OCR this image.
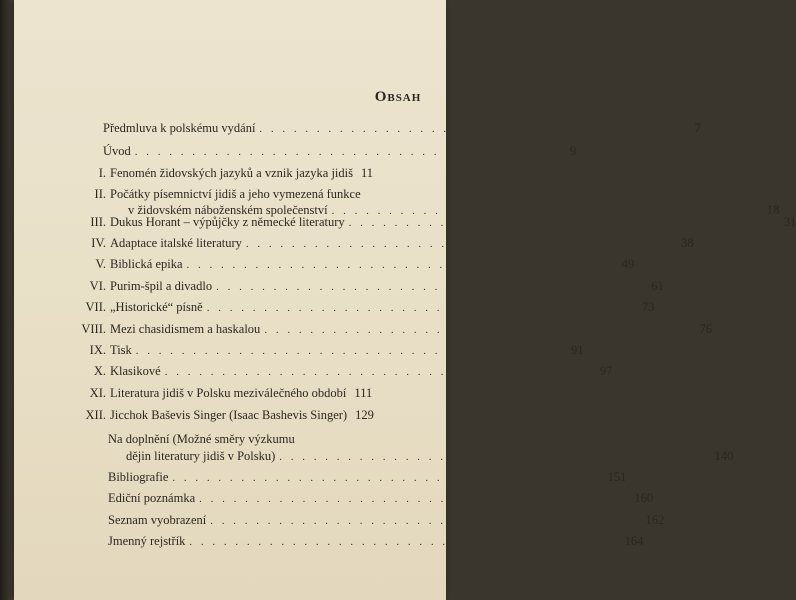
Obsah
Předmluva k polskému vydání . . . . . . . . . . . . . . . . . . . . . . . . . . . . . . . . . . . . . . 7
Úvod . . . . . . . . . . . . . . . . . . . . . . . . . . . . . . . . . . . . . . 9
I. Fenomén židovských jazyků a vznik jazyka jidiš 11
II. Počátky písemnictví jidiš a jeho vymezená funkce
v židovském náboženském společenství . . . . . . . . . . . . . . . . . . . . . . . . . . . . . . . . . . . . . . 18
III. Dukus Horant – výpůjčky z německé literatury . . . . . . . . . . . . . . . . . . . . . . . . . . . . . . . . . . . . . . 31
IV. Adaptace italské literatury . . . . . . . . . . . . . . . . . . . . . . . . . . . . . . . . . . . . . . 38
V. Biblická epika . . . . . . . . . . . . . . . . . . . . . . . . . . . . . . . . . . . . . . 49
VI. Purim-špil a divadlo . . . . . . . . . . . . . . . . . . . . . . . . . . . . . . . . . . . . . . 61
VII. „Historické“ písně . . . . . . . . . . . . . . . . . . . . . . . . . . . . . . . . . . . . . . 73
VIII. Mezi chasidismem a haskalou . . . . . . . . . . . . . . . . . . . . . . . . . . . . . . . . . . . . . . 76
IX. Tisk . . . . . . . . . . . . . . . . . . . . . . . . . . . . . . . . . . . . . . 91
X. Klasikové . . . . . . . . . . . . . . . . . . . . . . . . . . . . . . . . . . . . . . 97
XI. Literatura jidiš v Polsku meziválečného období 111
XII. Jicchok Baševis Singer (Isaac Bashevis Singer) 129
Na doplnění (Možné směry výzkumu
dějin literatury jidiš v Polsku) . . . . . . . . . . . . . . . . . . . . . . . . . . . . . . . . . . . . . . 140
Bibliografie . . . . . . . . . . . . . . . . . . . . . . . . . . . . . . . . . . . . . . 151
Ediční poznámka . . . . . . . . . . . . . . . . . . . . . . . . . . . . . . . . . . . . . . 160
Seznam vyobrazení . . . . . . . . . . . . . . . . . . . . . . . . . . . . . . . . . . . . . . 162
Jmenný rejstřík . . . . . . . . . . . . . . . . . . . . . . . . . . . . . . . . . . . . . . 164
